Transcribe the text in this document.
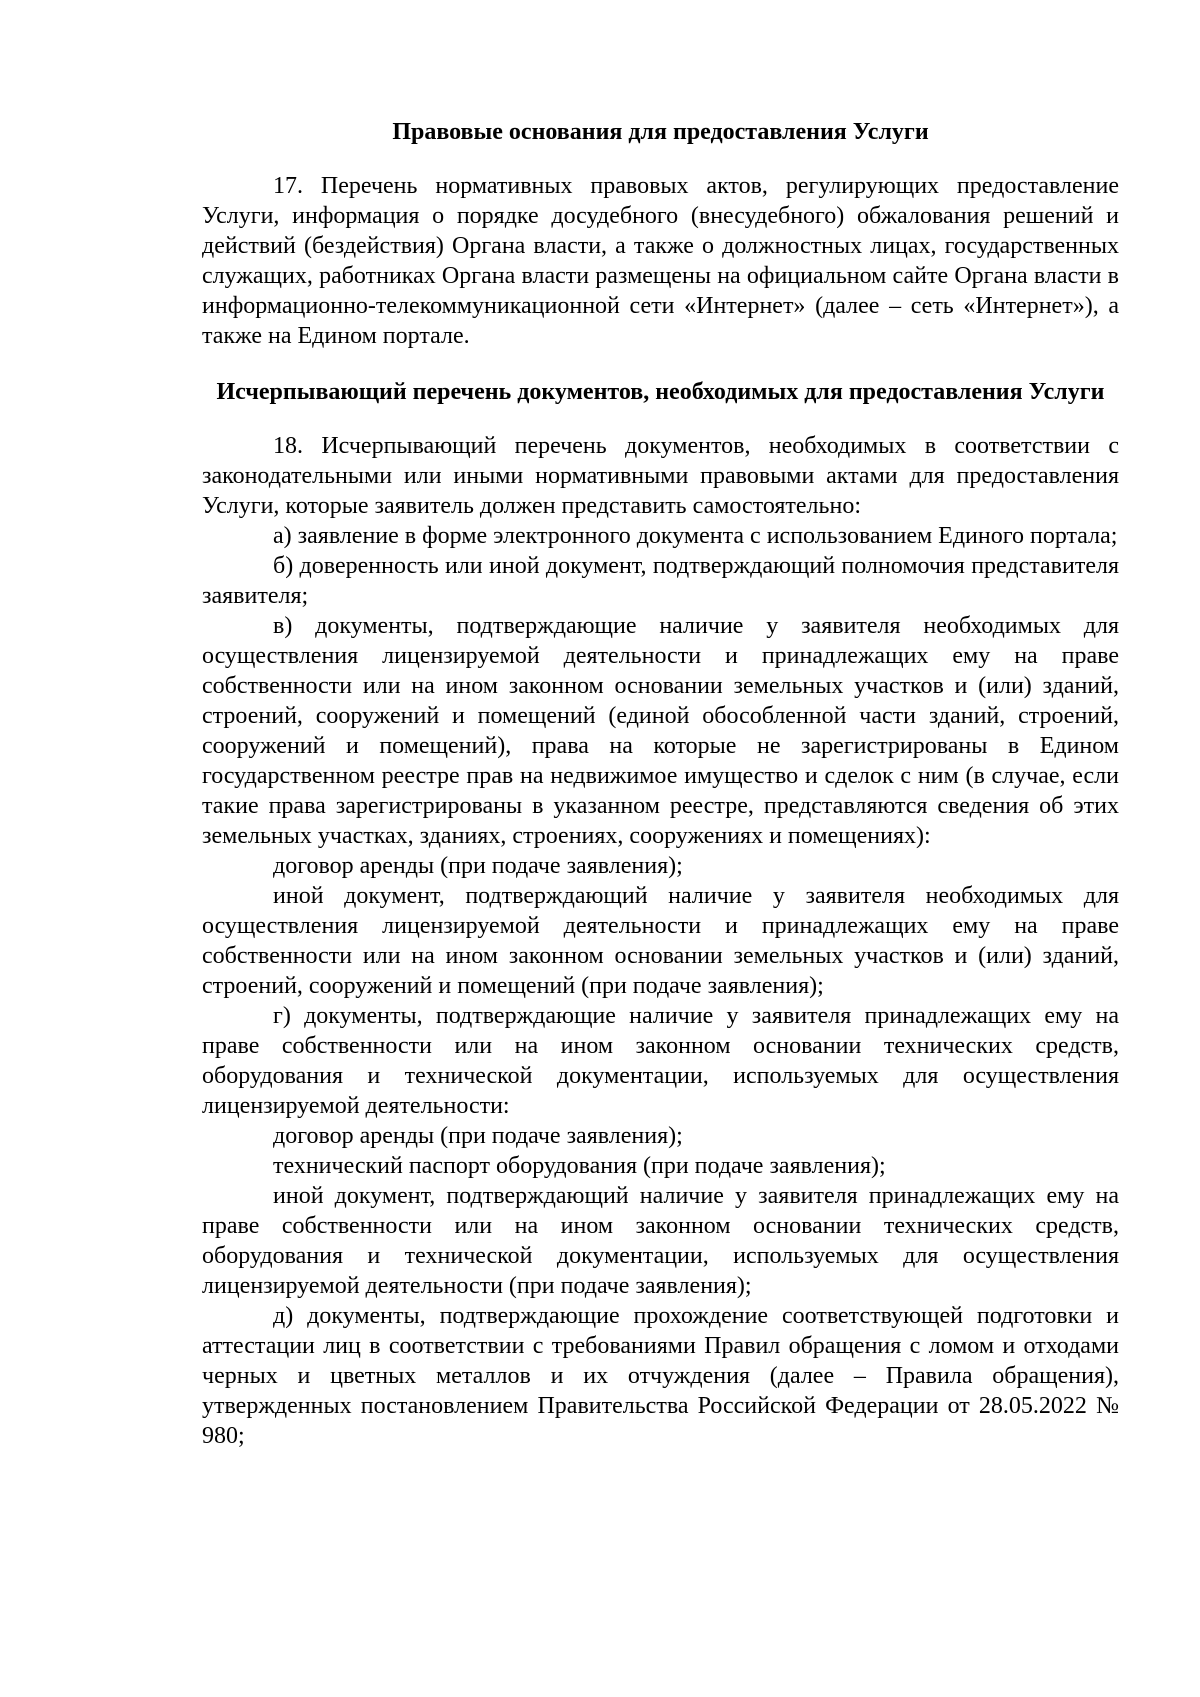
Правовые основания для предоставления Услуги

17. Перечень нормативных правовых актов, регулирующих предоставление Услуги, информация о порядке досудебного (внесудебного) обжалования решений и действий (бездействия) Органа власти, а также о должностных лицах, государственных служащих, работниках Органа власти размещены на официальном сайте Органа власти в информационно-телекоммуникационной сети «Интернет» (далее – сеть «Интернет»), а также на Едином портале.

Исчерпывающий перечень документов, необходимых для предоставления Услуги

18. Исчерпывающий перечень документов, необходимых в соответствии с законодательными или иными нормативными правовыми актами для предоставления Услуги, которые заявитель должен представить самостоятельно:

а) заявление в форме электронного документа с использованием Единого портала;

б) доверенность или иной документ, подтверждающий полномочия представителя заявителя;

в) документы, подтверждающие наличие у заявителя необходимых для осуществления лицензируемой деятельности и принадлежащих ему на праве собственности или на ином законном основании земельных участков и (или) зданий, строений, сооружений и помещений (единой обособленной части зданий, строений, сооружений и помещений), права на которые не зарегистрированы в Едином государственном реестре прав на недвижимое имущество и сделок с ним (в случае, если такие права зарегистрированы в указанном реестре, представляются сведения об этих земельных участках, зданиях, строениях, сооружениях и помещениях):

договор аренды (при подаче заявления);

иной документ, подтверждающий наличие у заявителя необходимых для осуществления лицензируемой деятельности и принадлежащих ему на праве собственности или на ином законном основании земельных участков и (или) зданий, строений, сооружений и помещений (при подаче заявления);

г) документы, подтверждающие наличие у заявителя принадлежащих ему на праве собственности или на ином законном основании технических средств, оборудования и технической документации, используемых для осуществления лицензируемой деятельности:

договор аренды (при подаче заявления);

технический паспорт оборудования (при подаче заявления);

иной документ, подтверждающий наличие у заявителя принадлежащих ему на праве собственности или на ином законном основании технических средств, оборудования и технической документации, используемых для осуществления лицензируемой деятельности (при подаче заявления);

д) документы, подтверждающие прохождение соответствующей подготовки и аттестации лиц в соответствии с требованиями Правил обращения с ломом и отходами черных и цветных металлов и их отчуждения (далее – Правила обращения), утвержденных постановлением Правительства Российской Федерации от 28.05.2022 № 980;
